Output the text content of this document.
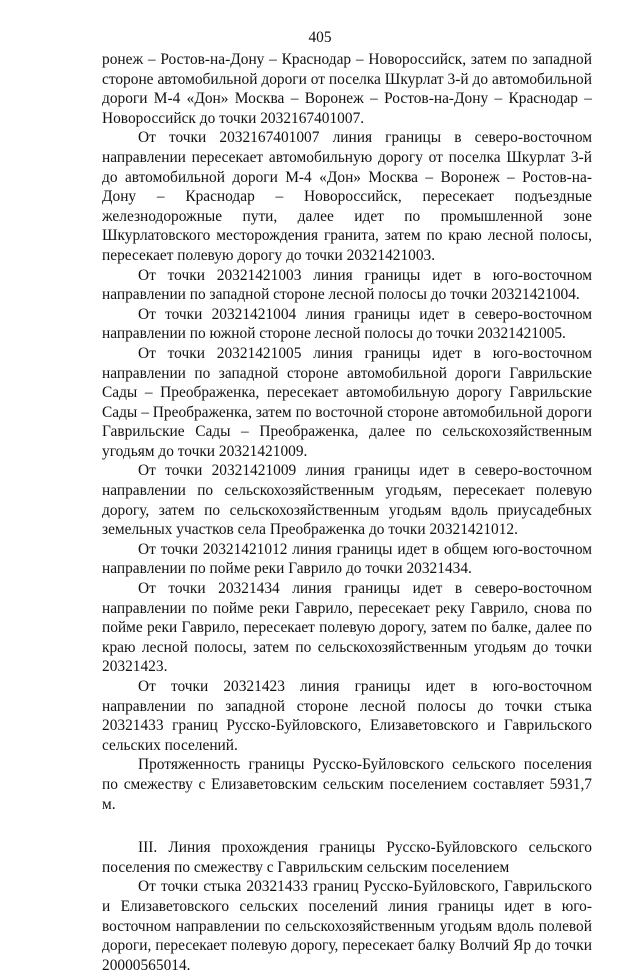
405

ронеж – Ростов-на-Дону – Краснодар – Новороссийск, затем по западной стороне автомобильной дороги от поселка Шкурлат 3-й до автомобильной дороги М-4 «Дон» Москва – Воронеж – Ростов-на-Дону – Краснодар – Новороссийск до точки 2032167401007.

От точки 2032167401007 линия границы в северо-восточном направлении пересекает автомобильную дорогу от поселка Шкурлат 3-й до автомобильной дороги М-4 «Дон» Москва – Воронеж – Ростов-на-Дону – Краснодар – Новороссийск, пересекает подъездные железнодорожные пути, далее идет по промышленной зоне Шкурлатовского месторождения гранита, затем по краю лесной полосы, пересекает полевую дорогу до точки 20321421003.

От точки 20321421003 линия границы идет в юго-восточном направлении по западной стороне лесной полосы до точки 20321421004.

От точки 20321421004 линия границы идет в северо-восточном направлении по южной стороне лесной полосы до точки 20321421005.

От точки 20321421005 линия границы идет в юго-восточном направлении по западной стороне автомобильной дороги Гаврильские Сады – Преображенка, пересекает автомобильную дорогу Гаврильские Сады – Преображенка, затем по восточной стороне автомобильной дороги Гаврильские Сады – Преображенка, далее по сельскохозяйственным угодьям до точки 20321421009.

От точки 20321421009 линия границы идет в северо-восточном направлении по сельскохозяйственным угодьям, пересекает полевую дорогу, затем по сельскохозяйственным угодьям вдоль приусадебных земельных участков села Преображенка до точки 20321421012.

От точки 20321421012 линия границы идет в общем юго-восточном направлении по пойме реки Гаврило до точки 20321434.

От точки 20321434 линия границы идет в северо-восточном направлении по пойме реки Гаврило, пересекает реку Гаврило, снова по пойме реки Гаврило, пересекает полевую дорогу, затем по балке, далее по краю лесной полосы, затем по сельскохозяйственным угодьям до точки 20321423.

От точки 20321423 линия границы идет в юго-восточном направлении по западной стороне лесной полосы до точки стыка 20321433 границ Русско-Буйловского, Елизаветовского и Гаврильского сельских поселений.

Протяженность границы Русско-Буйловского сельского поселения по смежеству с Елизаветовским сельским поселением составляет 5931,7 м.

III. Линия прохождения границы Русско-Буйловского сельского поселения по смежеству с Гаврильским сельским поселением

От точки стыка 20321433 границ Русско-Буйловского, Гаврильского и Елизаветовского сельских поселений линия границы идет в юго-восточном направлении по сельскохозяйственным угодьям вдоль полевой дороги, пересекает полевую дорогу, пересекает балку Волчий Яр до точки 20000565014.
